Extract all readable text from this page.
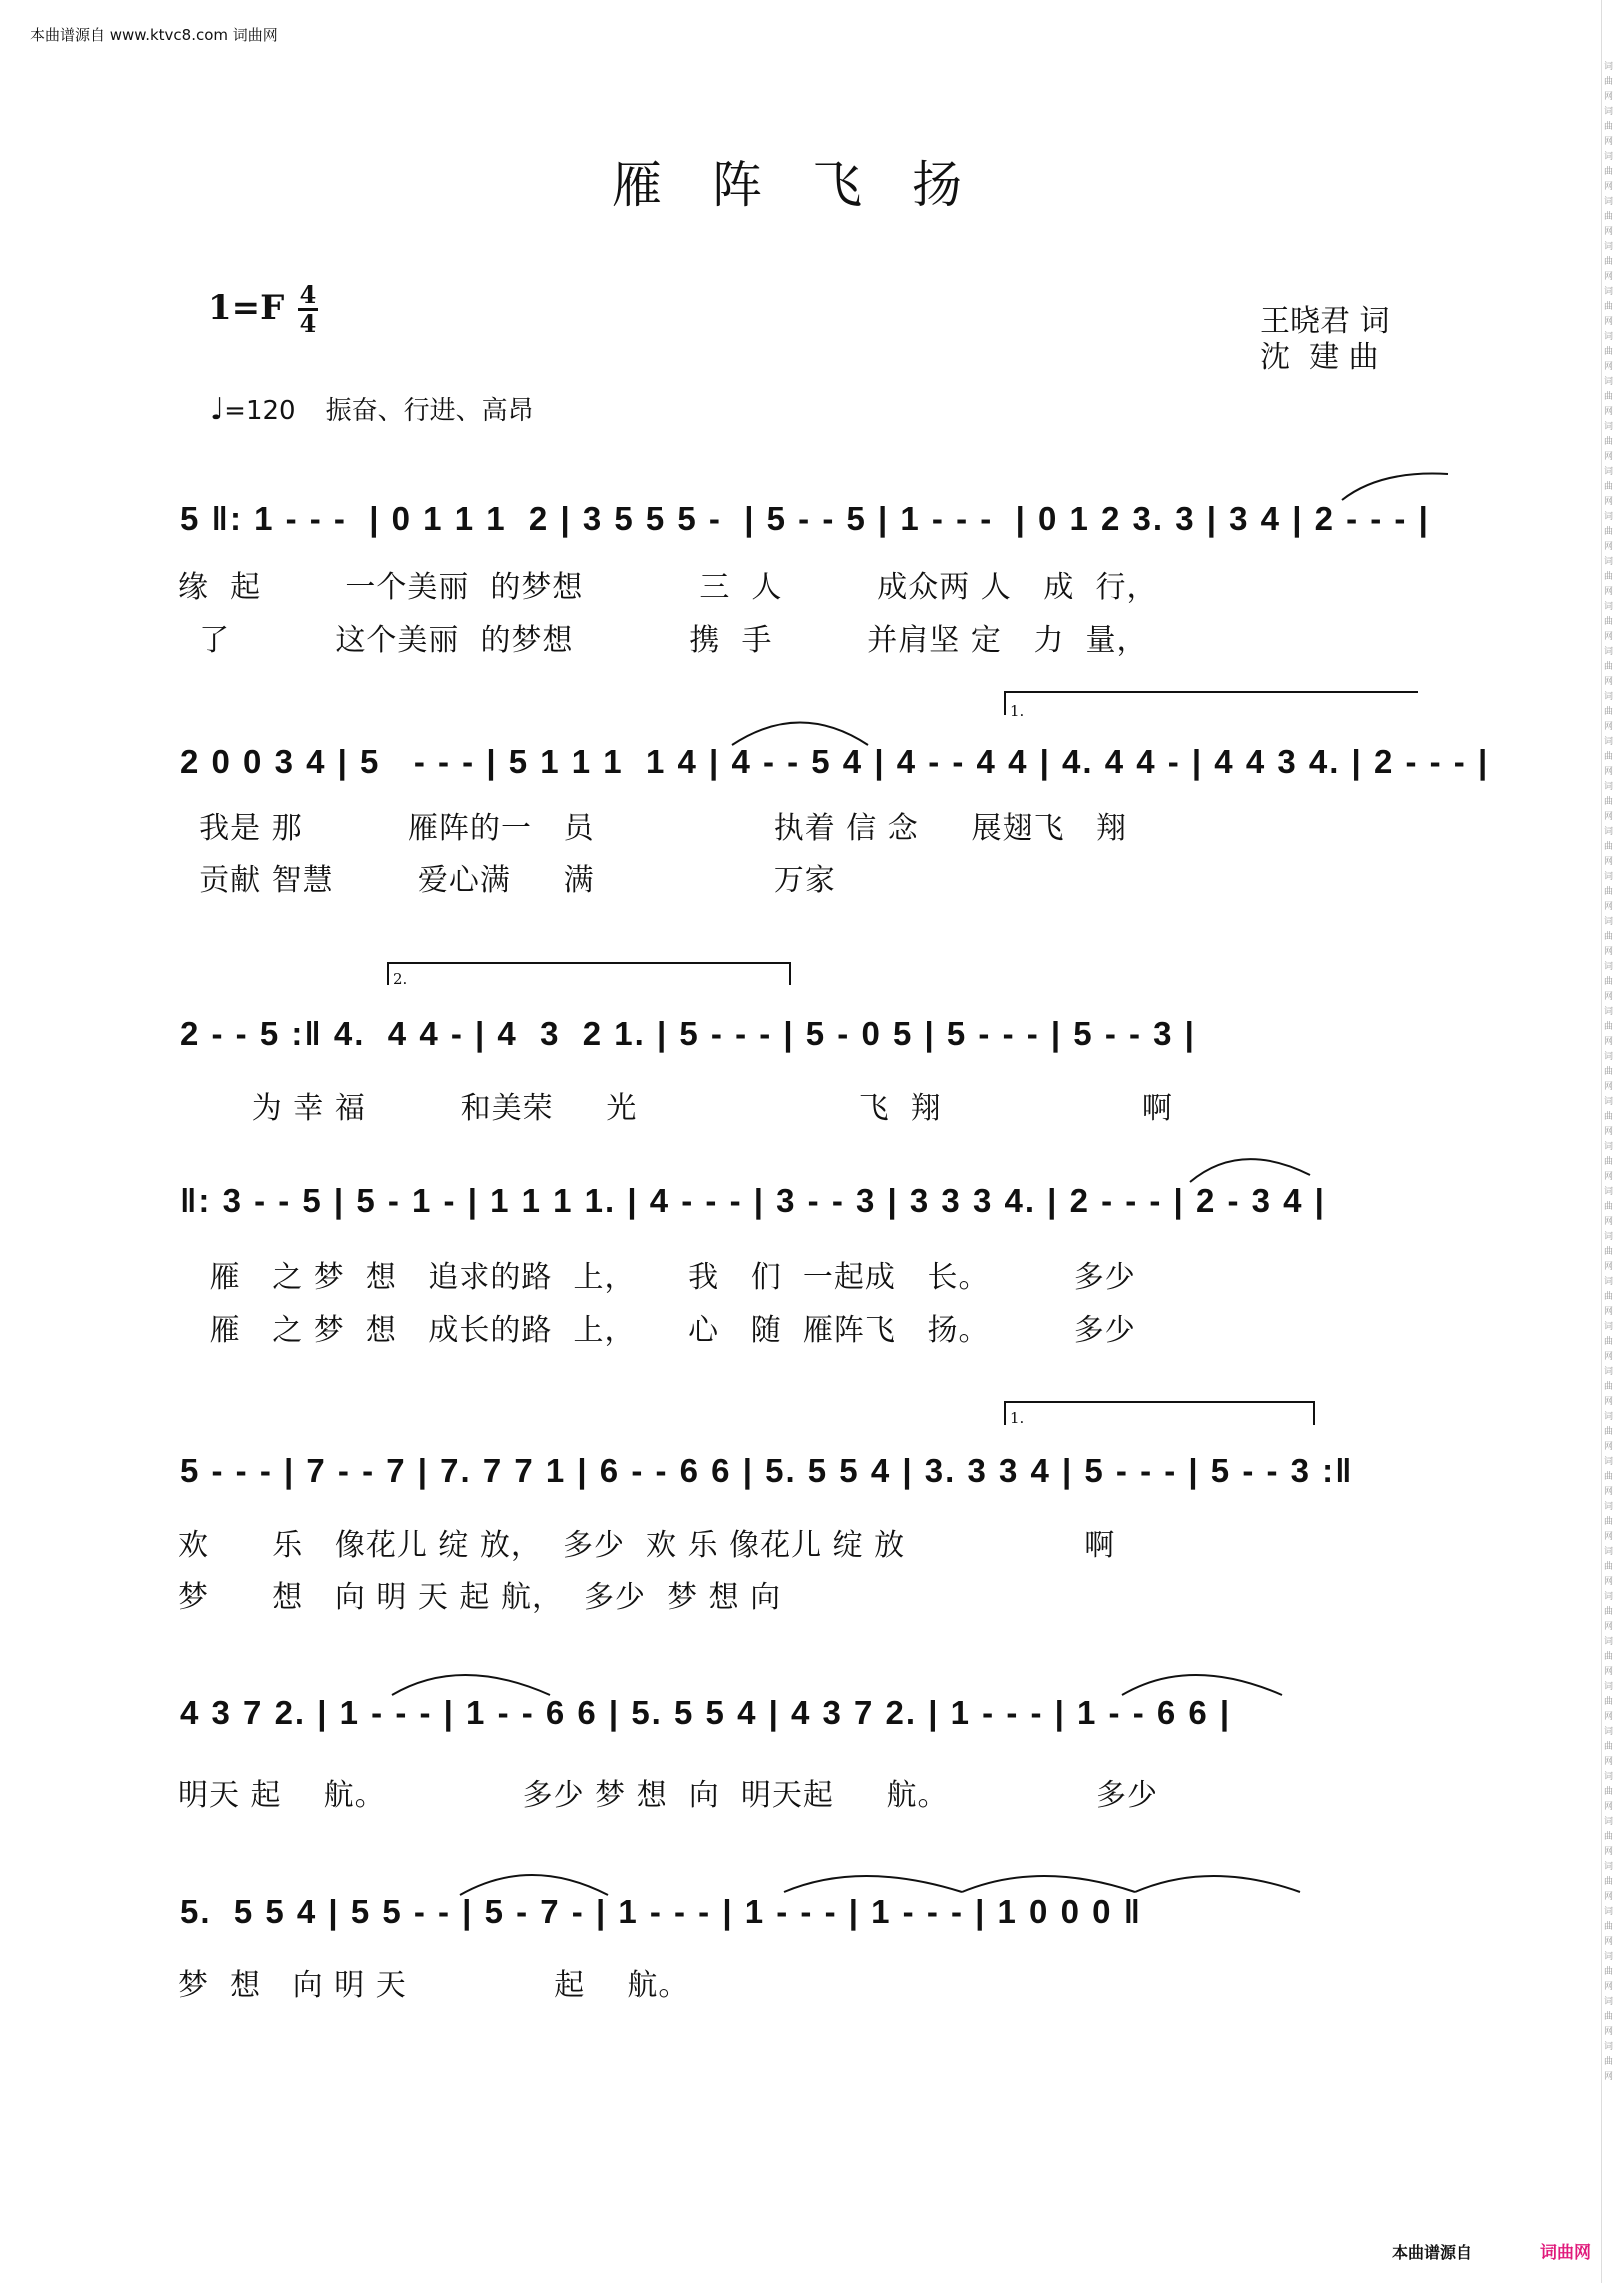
本曲谱源自 www.ktvc8.com 词曲网
词曲网词曲网词曲网词曲网词曲网词曲网词曲网词曲网词曲网词曲网词曲网词曲网词曲网词曲网词曲网词曲网词曲网词曲网词曲网词曲网词曲网词曲网词曲网词曲网词曲网词曲网词曲网词曲网词曲网词曲网词曲网词曲网词曲网词曲网词曲网词曲网词曲网词曲网词曲网词曲网词曲网词曲网词曲网词曲网词曲网
雁阵飞扬
1=F 4
4	王晓君 词
沈  建 曲
♩=120 振奋、行进、高昂
5 ‖: 1 - - -  | 0 1 1 1  2 | 3 5 5 5 -  | 5 - - 5 | 1 - - -  | 0 1 2 3. 3 | 3 4 | 2 - - - |
缘  起        一个美丽  的梦想           三  人         成众两 人   成  行，
了          这个美丽  的梦想           携  手         并肩坚 定   力  量，
2 0 0 3 4 | 5   - - - | 5 1 1 1  1 4 | 4 - - 5 4 | 4 - - 4 4 | 4. 4 4 - | 4 4 3 4. | 2 - - - |
我是 那          雁阵的一   员                 执着 信 念     展翅飞   翔
贡献 智慧        爱心满     满                 万家
2 - - 5 :‖ 4.  4 4 - | 4  3  2 1. | 5 - - - | 5 - 0 5 | 5 - - - | 5 - - 3 |
为 幸 福         和美荣     光                     飞  翔                   啊
‖: 3 - - 5 | 5 - 1 - | 1 1 1 1. | 4 - - - | 3 - - 3 | 3 3 3 4. | 2 - - - | 2 - 3 4 |
雁   之 梦  想   追求的路  上，     我   们  一起成   长。        多少
雁   之 梦  想   成长的路  上，     心   随  雁阵飞   扬。        多少
5 - - - | 7 - - 7 | 7. 7 7 1 | 6 - - 6 6 | 5. 5 5 4 | 3. 3 3 4 | 5 - - - | 5 - - 3 :‖
欢      乐   像花儿 绽 放，  多少  欢 乐 像花儿 绽 放                 啊
梦      想   向 明 天 起 航，  多少  梦 想 向
4 3 7 2. | 1 - - - | 1 - - 6 6 | 5. 5 5 4 | 4 3 7 2. | 1 - - - | 1 - - 6 6 |
明天 起    航。             多少 梦 想  向  明天起     航。              多少
5.  5 5 4 | 5 5 - - | 5 - 7 - | 1 - - - | 1 - - - | 1 - - - | 1 0 0 0 ‖
梦  想   向 明 天              起    航。
1.
2.
1.
本曲谱源自	词曲网
